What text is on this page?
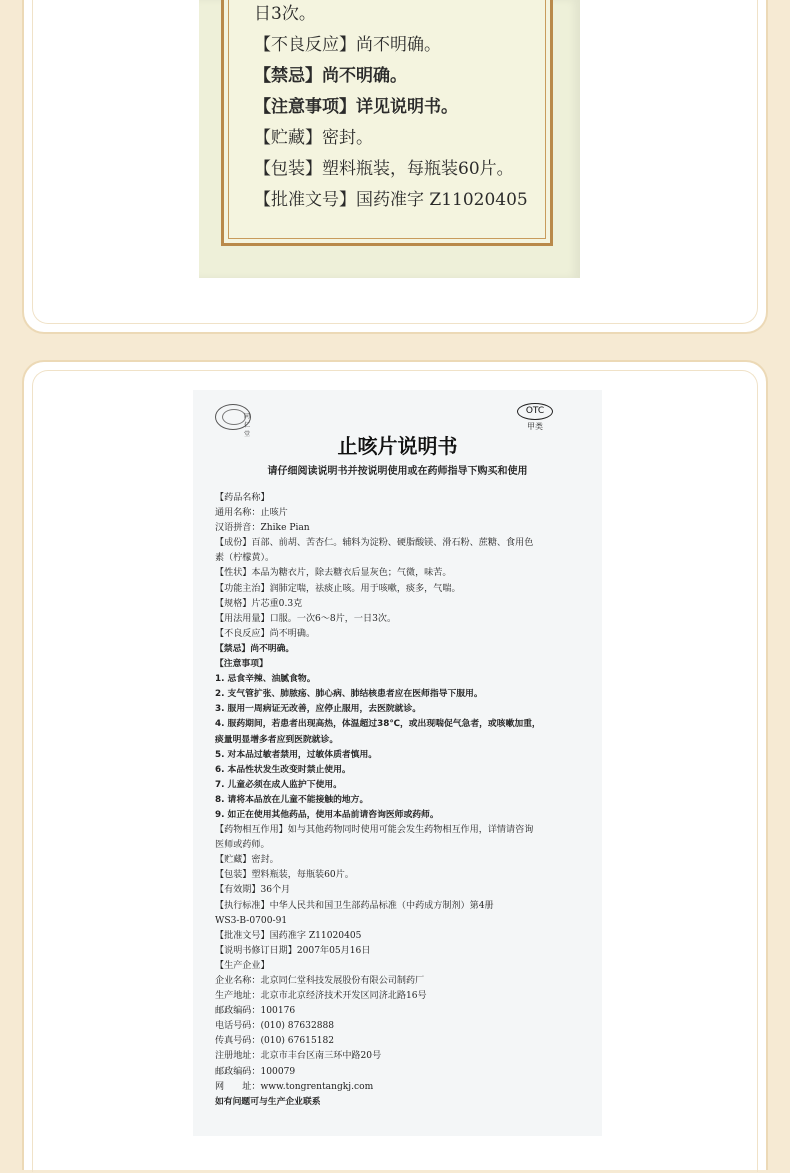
日3次。
【不良反应】尚不明确。
【禁忌】尚不明确。
【注意事项】详见说明书。
【贮藏】密封。
【包装】塑料瓶装，每瓶装60片。
【批准文号】国药准字 Z11020405
同仁堂
OTC
甲类
止咳片说明书
请仔细阅读说明书并按说明使用或在药师指导下购买和使用
【药品名称】
通用名称：止咳片
汉语拼音：Zhike Pian
【成份】百部、前胡、苦杏仁。辅料为淀粉、硬脂酸镁、滑石粉、蔗糖、食用色
素（柠檬黄）。
【性状】本品为糖衣片，除去糖衣后显灰色；气微，味苦。
【功能主治】润肺定喘，祛痰止咳。用于咳嗽，痰多，气喘。
【规格】片芯重0.3克
【用法用量】口服。一次6～8片，一日3次。
【不良反应】尚不明确。
【禁忌】尚不明确。
【注意事项】
1. 忌食辛辣、油腻食物。
2. 支气管扩张、肺脓疡、肺心病、肺结核患者应在医师指导下服用。
3. 服用一周病证无改善，应停止服用，去医院就诊。
4. 服药期间，若患者出现高热，体温超过38℃，或出现喘促气急者，或咳嗽加重，
痰量明显增多者应到医院就诊。
5. 对本品过敏者禁用，过敏体质者慎用。
6. 本品性状发生改变时禁止使用。
7. 儿童必须在成人监护下使用。
8. 请将本品放在儿童不能接触的地方。
9. 如正在使用其他药品，使用本品前请咨询医师或药师。
【药物相互作用】如与其他药物同时使用可能会发生药物相互作用，详情请咨询
医师或药师。
【贮藏】密封。
【包装】塑料瓶装，每瓶装60片。
【有效期】36个月
【执行标准】中华人民共和国卫生部药品标准（中药成方制剂）第4册
WS3-B-0700-91
【批准文号】国药准字 Z11020405
【说明书修订日期】2007年05月16日
【生产企业】
企业名称：北京同仁堂科技发展股份有限公司制药厂
生产地址：北京市北京经济技术开发区同济北路16号
邮政编码：100176
电话号码：(010) 87632888
传真号码：(010) 67615182
注册地址：北京市丰台区南三环中路20号
邮政编码：100079
网　　址：www.tongrentangkj.com
如有问题可与生产企业联系
